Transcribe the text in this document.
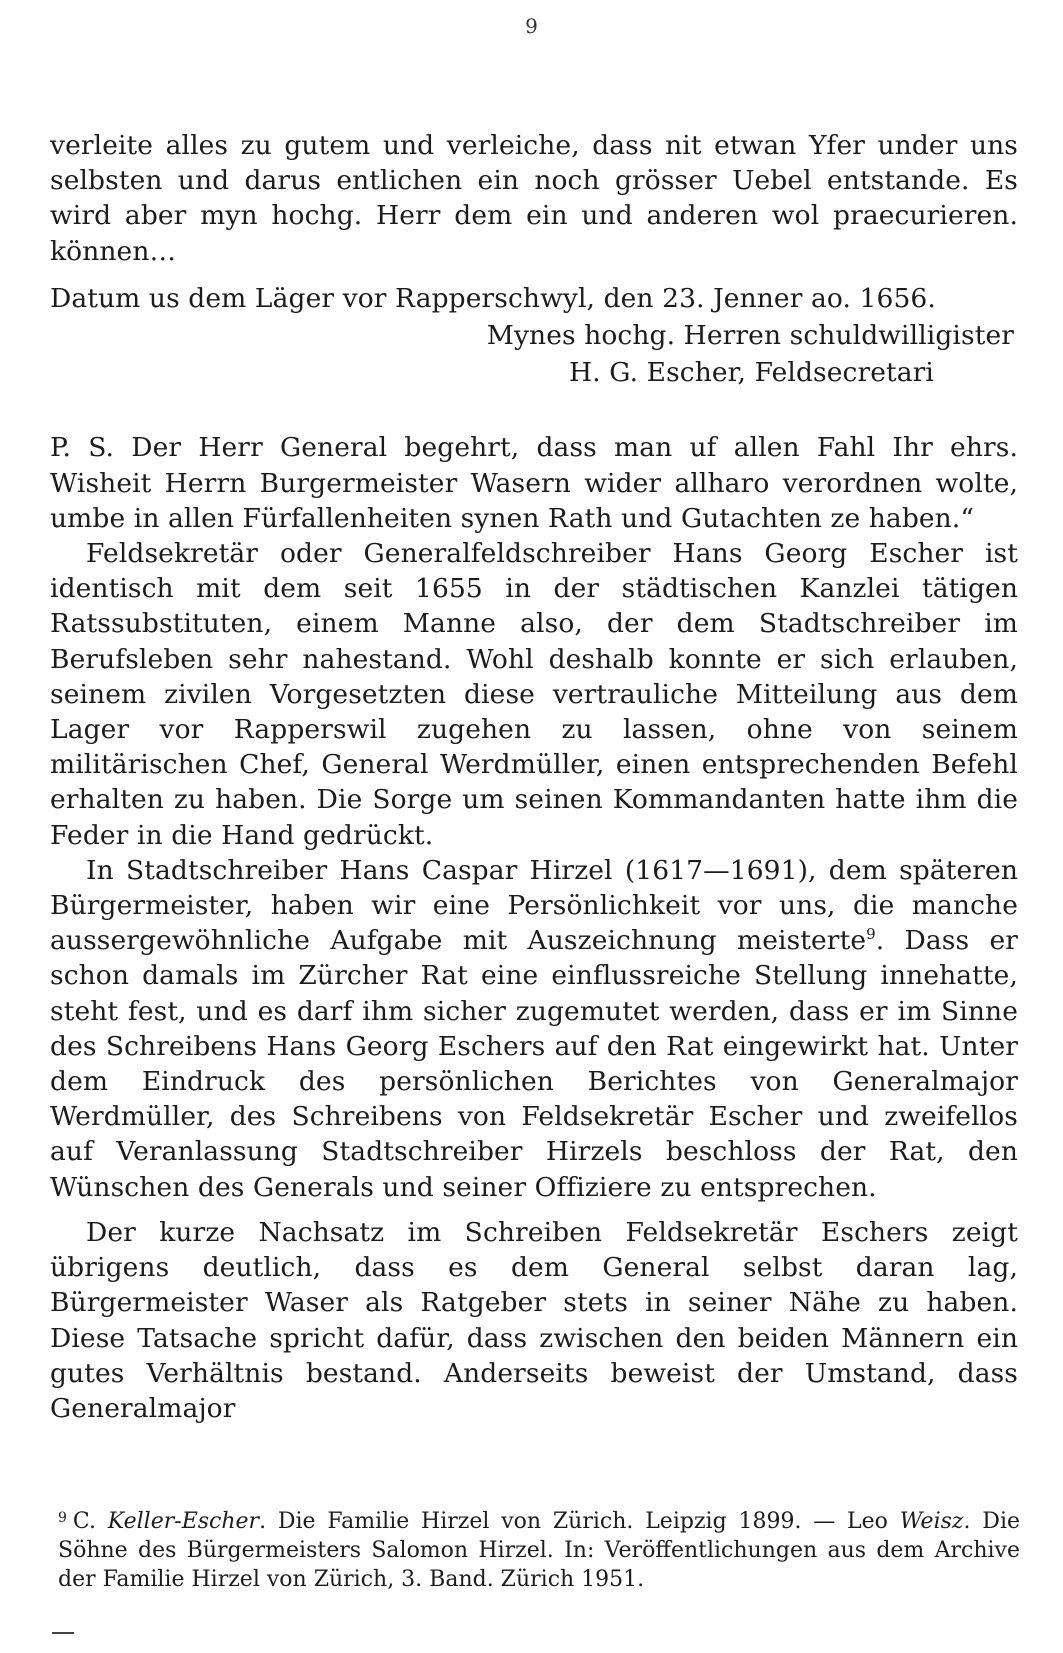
9

verleite alles zu gutem und verleiche, dass nit etwan Yfer under uns selbsten und darus entlichen ein noch grösser Uebel entstande. Es wird aber myn hochg. Herr dem ein und anderen wol praecurieren. können…

Datum us dem Läger vor Rapperschwyl, den 23. Jenner ao. 1656.

Mynes hochg. Herren schuldwilligister

H. G. Escher, Feldsecretari

P. S. Der Herr General begehrt, dass man uf allen Fahl Ihr ehrs. Wisheit Herrn Burgermeister Wasern wider allharo verordnen wolte, umbe in allen Fürfallenheiten synen Rath und Gutachten ze haben.“

Feldsekretär oder Generalfeldschreiber Hans Georg Escher ist identisch mit dem seit 1655 in der städtischen Kanzlei tätigen Ratssubstituten, einem Manne also, der dem Stadtschreiber im Berufsleben sehr nahestand. Wohl deshalb konnte er sich erlauben, seinem zivilen Vorgesetzten diese vertrauliche Mitteilung aus dem Lager vor Rapperswil zugehen zu lassen, ohne von seinem militärischen Chef, General Werdmüller, einen entsprechenden Befehl erhalten zu haben. Die Sorge um seinen Kommandanten hatte ihm die Feder in die Hand gedrückt.

In Stadtschreiber Hans Caspar Hirzel (1617—1691), dem späteren Bürgermeister, haben wir eine Persönlichkeit vor uns, die manche aussergewöhnliche Aufgabe mit Auszeichnung meisterte$^9$. Dass er schon damals im Zürcher Rat eine einflussreiche Stellung innehatte, steht fest, und es darf ihm sicher zugemutet werden, dass er im Sinne des Schreibens Hans Georg Eschers auf den Rat eingewirkt hat. Unter dem Eindruck des persönlichen Berichtes von Generalmajor Werdmüller, des Schreibens von Feldsekretär Escher und zweifellos auf Veranlassung Stadtschreiber Hirzels beschloss der Rat, den Wünschen des Generals und seiner Offiziere zu entsprechen.

Der kurze Nachsatz im Schreiben Feldsekretär Eschers zeigt übrigens deutlich, dass es dem General selbst daran lag, Bürgermeister Waser als Ratgeber stets in seiner Nähe zu haben. Diese Tatsache spricht dafür, dass zwischen den beiden Männern ein gutes Verhältnis bestand. Anderseits beweist der Umstand, dass Generalmajor

$^9$ C. Keller-Escher. Die Familie Hirzel von Zürich. Leipzig 1899. — Leo Weisz. Die Söhne des Bürgermeisters Salomon Hirzel. In: Veröffentlichungen aus dem Archive der Familie Hirzel von Zürich, 3. Band. Zürich 1951.
